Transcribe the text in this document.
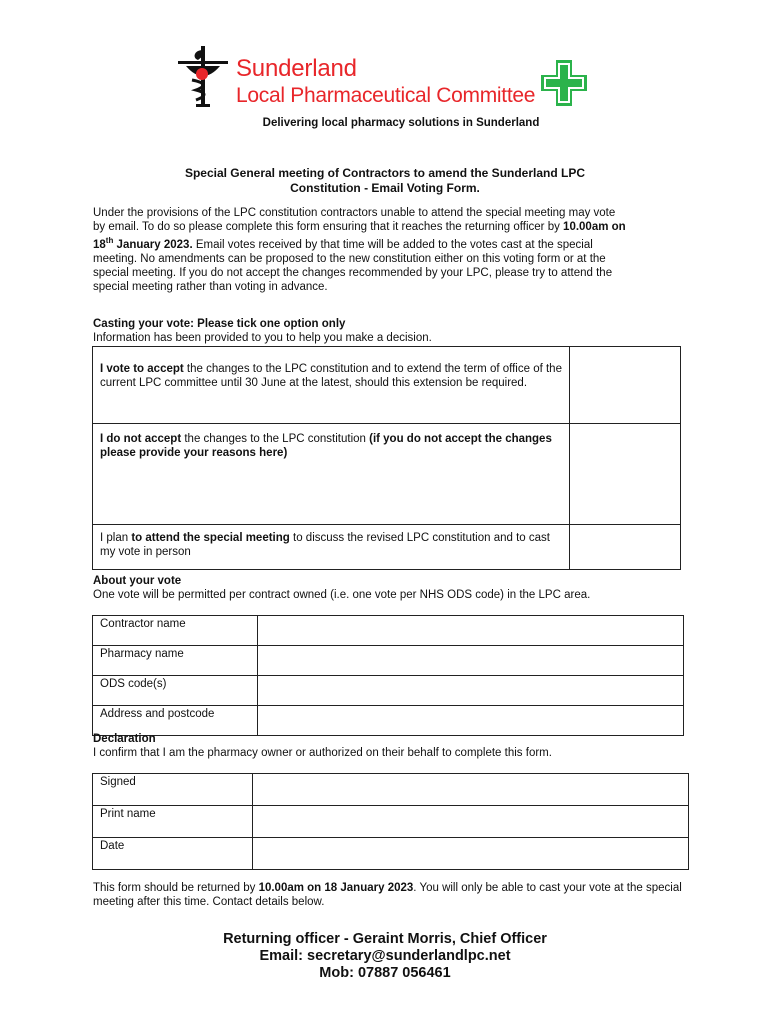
Sunderland
Local Pharmaceutical Committee
Delivering local pharmacy solutions in Sunderland
Special General meeting of Contractors to amend the Sunderland LPC
Constitution - Email Voting Form.
Under the provisions of the LPC constitution contractors unable to attend the special meeting may vote by email. To do so please complete this form ensuring that it reaches the returning officer by 10.00am on 18th January 2023. Email votes received by that time will be added to the votes cast at the special meeting. No amendments can be proposed to the new constitution either on this voting form or at the special meeting. If you do not accept the changes recommended by your LPC, please try to attend the special meeting rather than voting in advance.
Casting your vote: Please tick one option only
Information has been provided to you to help you make a decision.
I vote to accept the changes to the LPC constitution and to extend the term of office of the current LPC committee until 30 June at the latest, should this extension be required.	
I do not accept the changes to the LPC constitution (if you do not accept the changes please provide your reasons here)	
I plan to attend the special meeting to discuss the revised LPC constitution and to cast my vote in person	
About your vote
One vote will be permitted per contract owned (i.e. one vote per NHS ODS code) in the LPC area.
Contractor name	
Pharmacy name	
ODS code(s)	
Address and postcode	
Declaration
I confirm that I am the pharmacy owner or authorized on their behalf to complete this form.
Signed	
Print name	
Date	
This form should be returned by 10.00am on 18 January 2023. You will only be able to cast your vote at the special meeting after this time. Contact details below.
Returning officer - Geraint Morris, Chief Officer
Email: secretary@sunderlandlpc.net
Mob: 07887 056461
